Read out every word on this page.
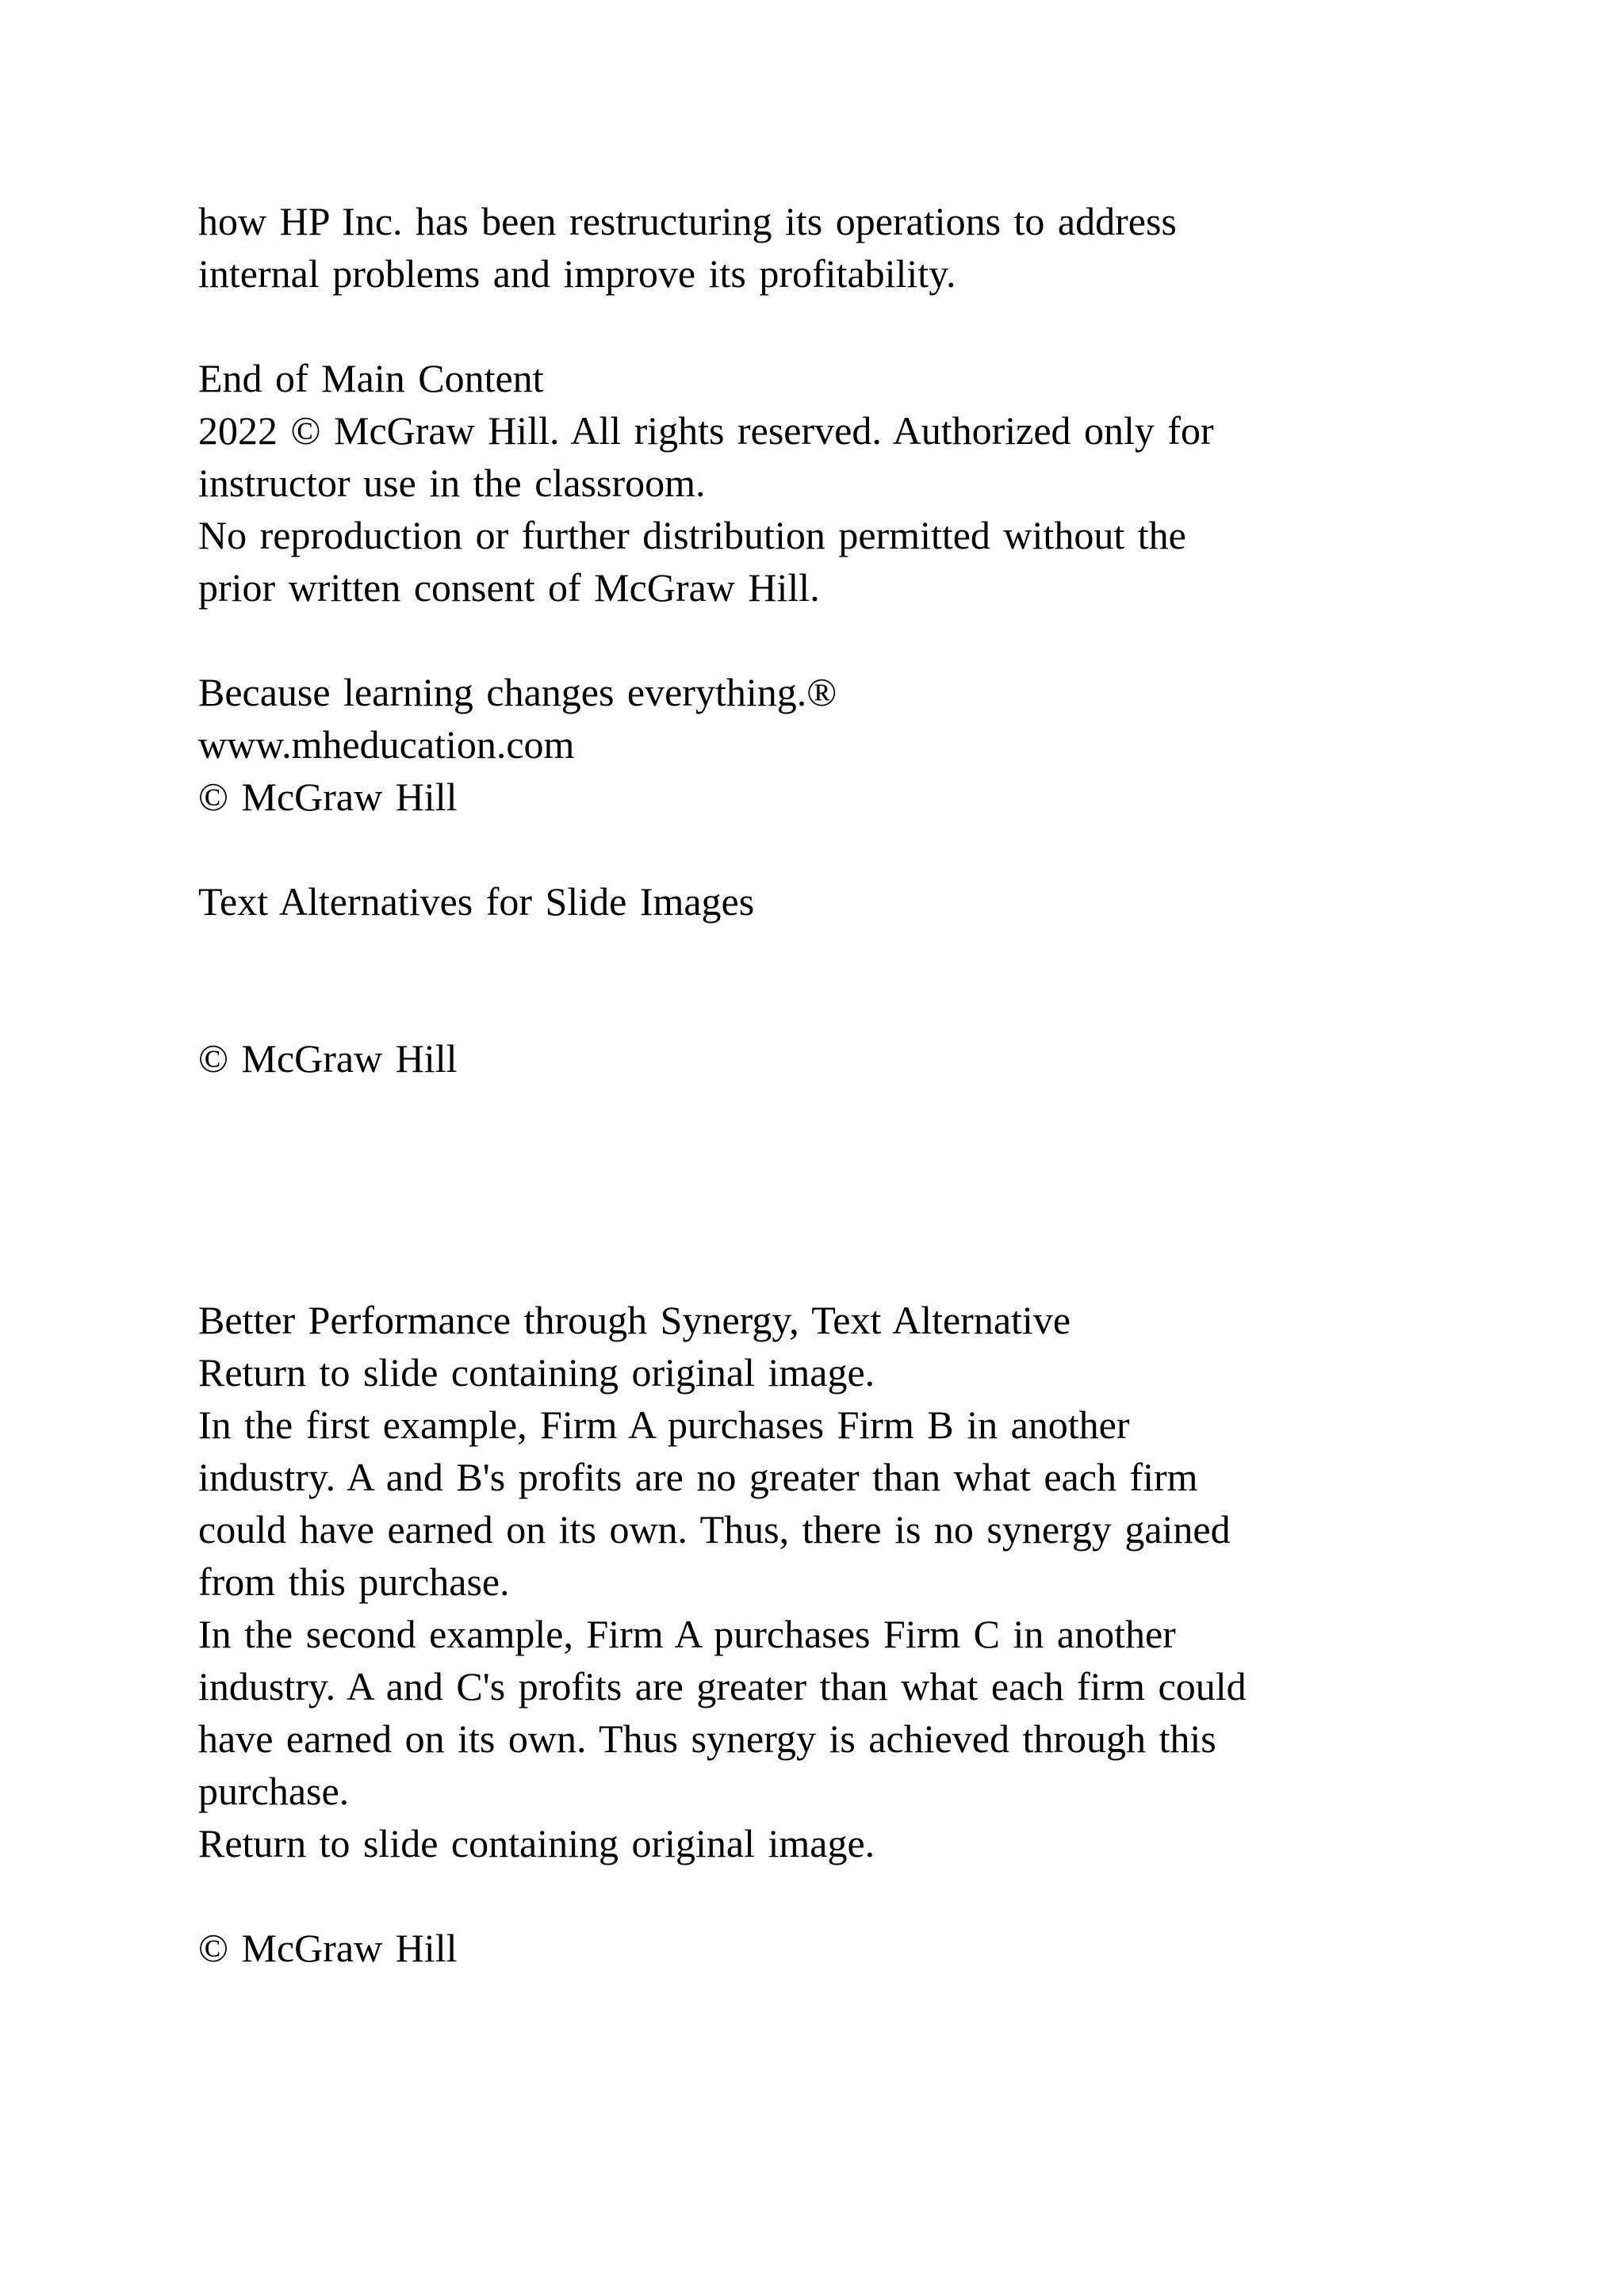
how HP Inc. has been restructuring its operations to address

internal problems and improve its profitability.

End of Main Content

2022 © McGraw Hill. All rights reserved. Authorized only for

instructor use in the classroom.

No reproduction or further distribution permitted without the

prior written consent of McGraw Hill.

Because learning changes everything.®

www.mheducation.com

© McGraw Hill

Text Alternatives for Slide Images

© McGraw Hill

Better Performance through Synergy, Text Alternative

Return to slide containing original image.

In the first example, Firm A purchases Firm B in another

industry. A and B's profits are no greater than what each firm

could have earned on its own. Thus, there is no synergy gained

from this purchase.

In the second example, Firm A purchases Firm C in another

industry. A and C's profits are greater than what each firm could

have earned on its own. Thus synergy is achieved through this

purchase.

Return to slide containing original image.

© McGraw Hill
